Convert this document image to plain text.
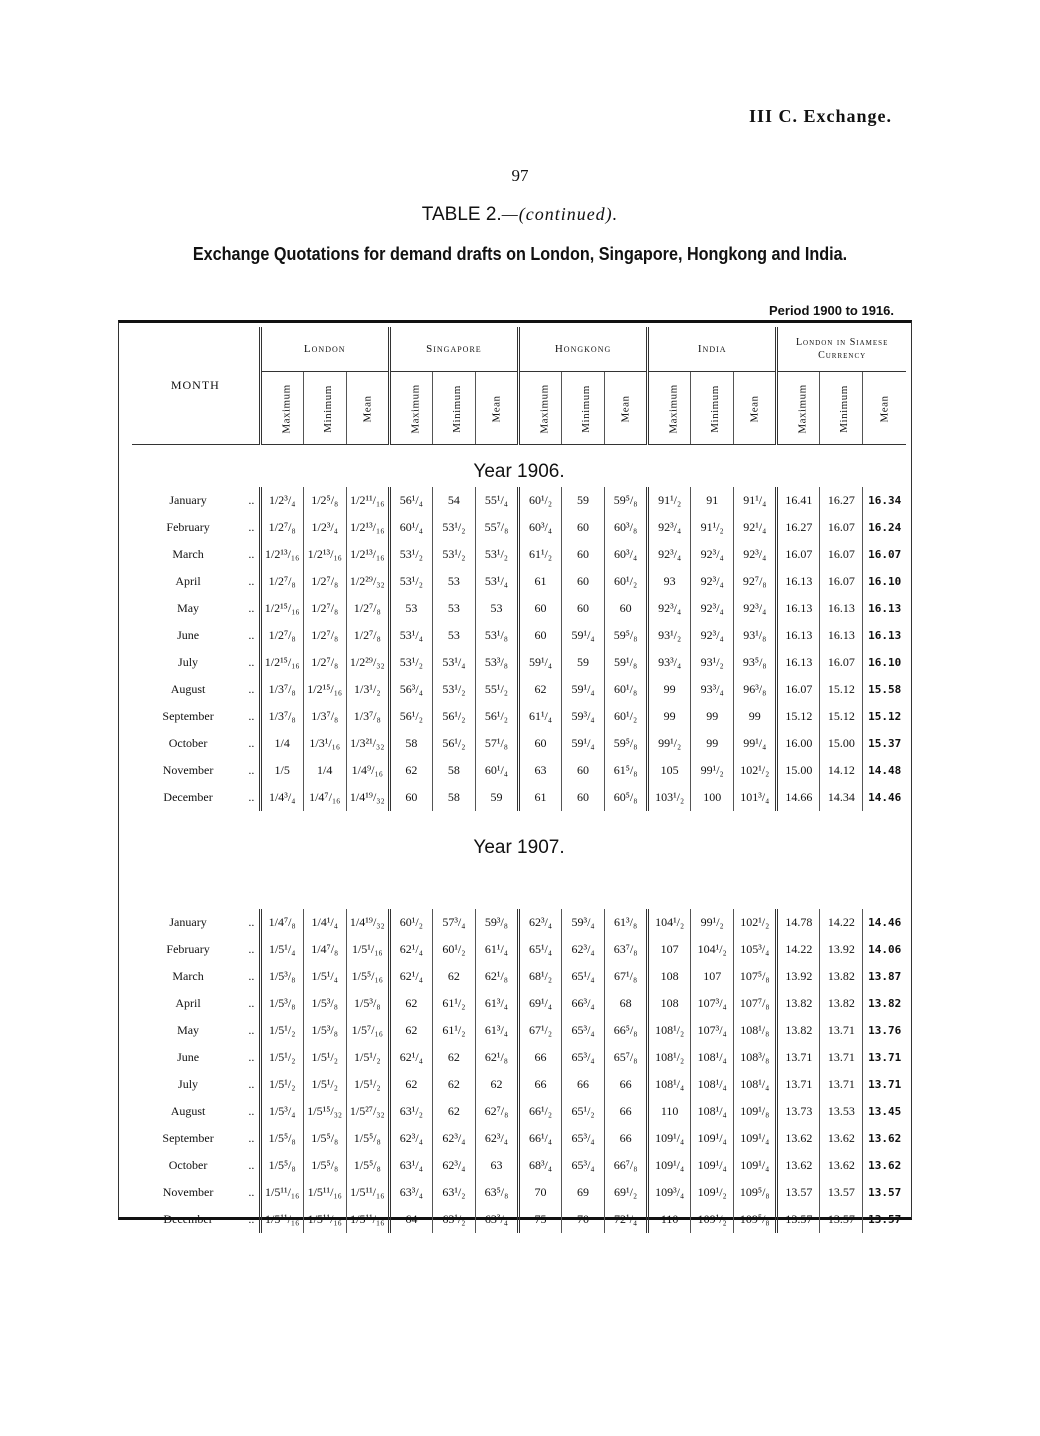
III C. Exchange.
97
TABLE 2.—(continued).
Exchange Quotations for demand drafts on London, Singapore, Hongkong and India.
Period 1900 to 1916.
MONTH		London			Singapore			Hongkong			India			London in Siamese Currency		
		Maximum	Minimum	Mean	Maximum	Minimum	Mean	Maximum	Minimum	Mean	Maximum	Minimum	Mean	Maximum	Minimum	Mean
Year 1906.																
January	..	1/2³/₄	1/2⁵/₈	1/2¹¹/₁₆	56¹/₄	54	55¹/₄	60¹/₂	59	59⁵/₈	91¹/₂	91	91¹/₄	16.41	16.27	16.34
February	..	1/2⁷/₈	1/2³/₄	1/2¹³/₁₆	60¹/₄	53¹/₂	55⁷/₈	60³/₄	60	60³/₈	92³/₄	91¹/₂	92¹/₄	16.27	16.07	16.24
March	..	1/2¹³/₁₆	1/2¹³/₁₆	1/2¹³/₁₆	53¹/₂	53¹/₂	53¹/₂	61¹/₂	60	60³/₄	92³/₄	92³/₄	92³/₄	16.07	16.07	16.07
April	..	1/2⁷/₈	1/2⁷/₈	1/2²⁹/₃₂	53¹/₂	53	53¹/₄	61	60	60¹/₂	93	92³/₄	92⁷/₈	16.13	16.07	16.10
May	..	1/2¹⁵/₁₆	1/2⁷/₈	1/2⁷/₈	53	53	53	60	60	60	92³/₄	92³/₄	92³/₄	16.13	16.13	16.13
June	..	1/2⁷/₈	1/2⁷/₈	1/2⁷/₈	53¹/₄	53	53¹/₈	60	59¹/₄	59⁵/₈	93¹/₂	92³/₄	93¹/₈	16.13	16.13	16.13
July	..	1/2¹⁵/₁₆	1/2⁷/₈	1/2²⁹/₃₂	53¹/₂	53¹/₄	53³/₈	59¹/₄	59	59¹/₈	93³/₄	93¹/₂	93⁵/₈	16.13	16.07	16.10
August	..	1/3⁷/₈	1/2¹⁵/₁₆	1/3¹/₂	56³/₄	53¹/₂	55¹/₂	62	59¹/₄	60¹/₈	99	93³/₄	96³/₈	16.07	15.12	15.58
September	..	1/3⁷/₈	1/3⁷/₈	1/3⁷/₈	56¹/₂	56¹/₂	56¹/₂	61¹/₄	59³/₄	60¹/₂	99	99	99	15.12	15.12	15.12
October	..	1/4	1/3¹/₁₆	1/3²¹/₃₂	58	56¹/₂	57¹/₈	60	59¹/₄	59⁵/₈	99¹/₂	99	99¹/₄	16.00	15.00	15.37
November	..	1/5	1/4	1/4⁹/₁₆	62	58	60¹/₄	63	60	61⁵/₈	105	99¹/₂	102¹/₂	15.00	14.12	14.48
December	..	1/4³/₄	1/4⁷/₁₆	1/4¹⁹/₃₂	60	58	59	61	60	60⁵/₈	103¹/₂	100	101³/₄	14.66	14.34	14.46
Year 1907.																

January	..	1/4⁷/₈	1/4¹/₄	1/4¹⁹/₃₂	60¹/₂	57³/₄	59³/₈	62³/₄	59³/₄	61³/₈	104¹/₂	99¹/₂	102¹/₂	14.78	14.22	14.46
February	..	1/5¹/₄	1/4⁷/₈	1/5¹/₁₆	62¹/₄	60¹/₂	61¹/₄	65¹/₄	62³/₄	63⁷/₈	107	104¹/₂	105³/₄	14.22	13.92	14.06
March	..	1/5³/₈	1/5¹/₄	1/5⁵/₁₆	62¹/₄	62	62¹/₈	68¹/₂	65¹/₄	67¹/₈	108	107	107⁵/₈	13.92	13.82	13.87
April	..	1/5³/₈	1/5³/₈	1/5³/₈	62	61¹/₂	61³/₄	69¹/₄	66³/₄	68	108	107³/₄	107⁷/₈	13.82	13.82	13.82
May	..	1/5¹/₂	1/5³/₈	1/5⁷/₁₆	62	61¹/₂	61³/₄	67¹/₂	65³/₄	66⁵/₈	108¹/₂	107³/₄	108¹/₈	13.82	13.71	13.76
June	..	1/5¹/₂	1/5¹/₂	1/5¹/₂	62¹/₄	62	62¹/₈	66	65³/₄	65⁷/₈	108¹/₂	108¹/₄	108³/₈	13.71	13.71	13.71
July	..	1/5¹/₂	1/5¹/₂	1/5¹/₂	62	62	62	66	66	66	108¹/₄	108¹/₄	108¹/₄	13.71	13.71	13.71
August	..	1/5³/₄	1/5¹⁵/₃₂	1/5²⁷/₃₂	63¹/₂	62	62⁷/₈	66¹/₂	65¹/₂	66	110	108¹/₄	109¹/₈	13.73	13.53	13.45
September	..	1/5⁵/₈	1/5⁵/₈	1/5⁵/₈	62³/₄	62³/₄	62³/₄	66¹/₄	65³/₄	66	109¹/₄	109¹/₄	109¹/₄	13.62	13.62	13.62
October	..	1/5⁵/₈	1/5⁵/₈	1/5⁵/₈	63¹/₄	62³/₄	63	68³/₄	65³/₄	66⁷/₈	109¹/₄	109¹/₄	109¹/₄	13.62	13.62	13.62
November	..	1/5¹¹/₁₆	1/5¹¹/₁₆	1/5¹¹/₁₆	63³/₄	63¹/₂	63⁵/₈	70	69	69¹/₂	109³/₄	109¹/₂	109⁵/₈	13.57	13.57	13.57
December	..	1/5¹¹/₁₆	1/5¹¹/₁₆	1/5¹¹/₁₆	64	63¹/₂	63³/₄	75	70	72¹/₄	110	109¹/₂	109⁵/₈	13.57	13.57	13.57
